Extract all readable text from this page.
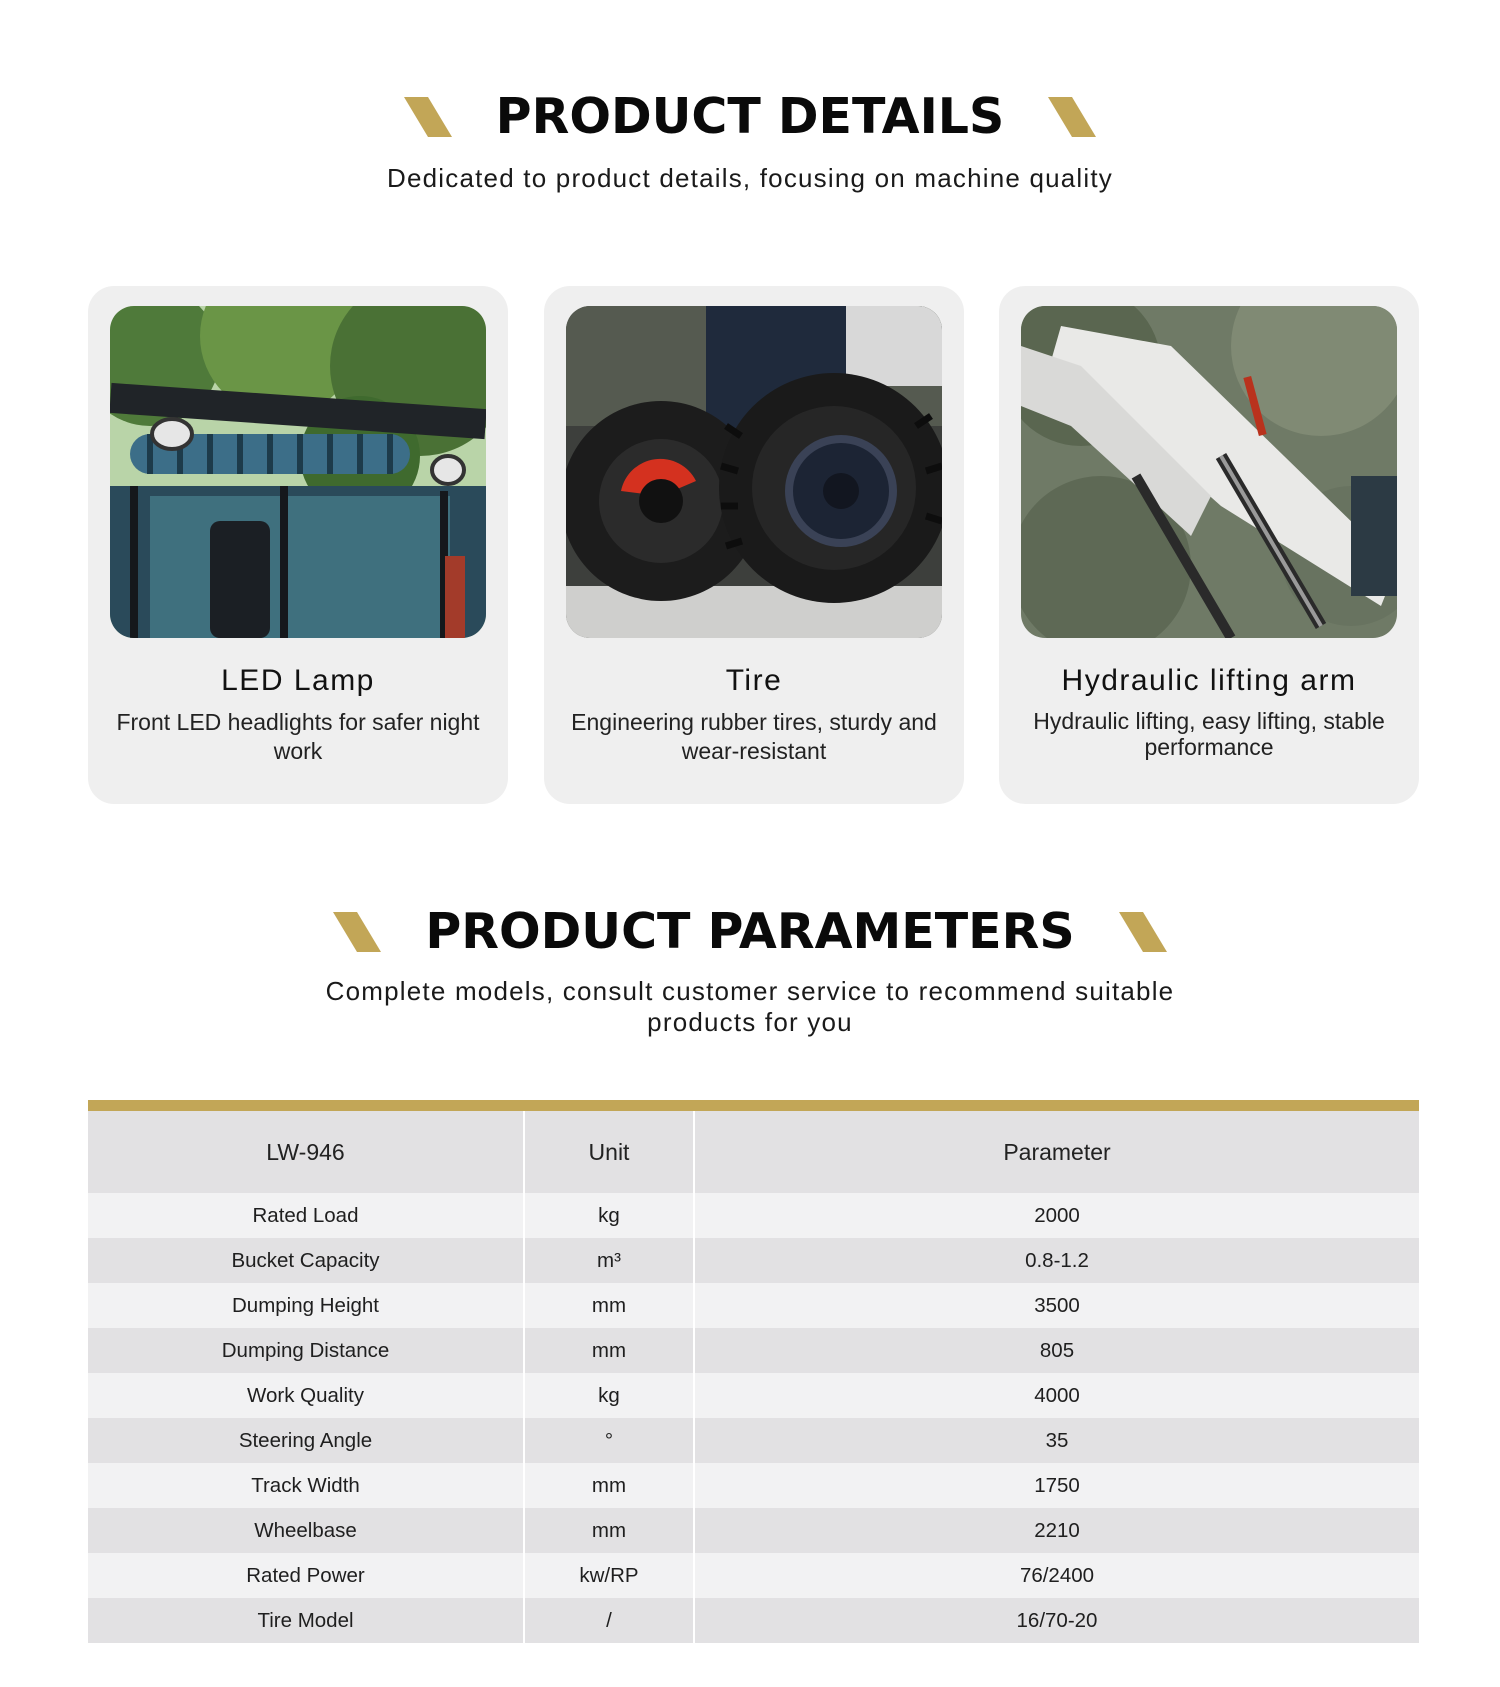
PRODUCT DETAILS
Dedicated to product details, focusing on machine quality
LED Lamp
Front LED headlights for safer night work
Tire
Engineering rubber tires, sturdy and wear-resistant
Hydraulic lifting arm
Hydraulic lifting, easy lifting, stable performance
PRODUCT PARAMETERS
Complete models, consult customer service to recommend suitable
products for you
LW-946	Unit	Parameter
Rated Load	kg	2000
Bucket Capacity	m³	0.8-1.2
Dumping Height	mm	3500
Dumping Distance	mm	805
Work Quality	kg	4000
Steering Angle	°	35
Track Width	mm	1750
Wheelbase	mm	2210
Rated Power	kw/RP	76/2400
Tire Model	/	16/70-20
